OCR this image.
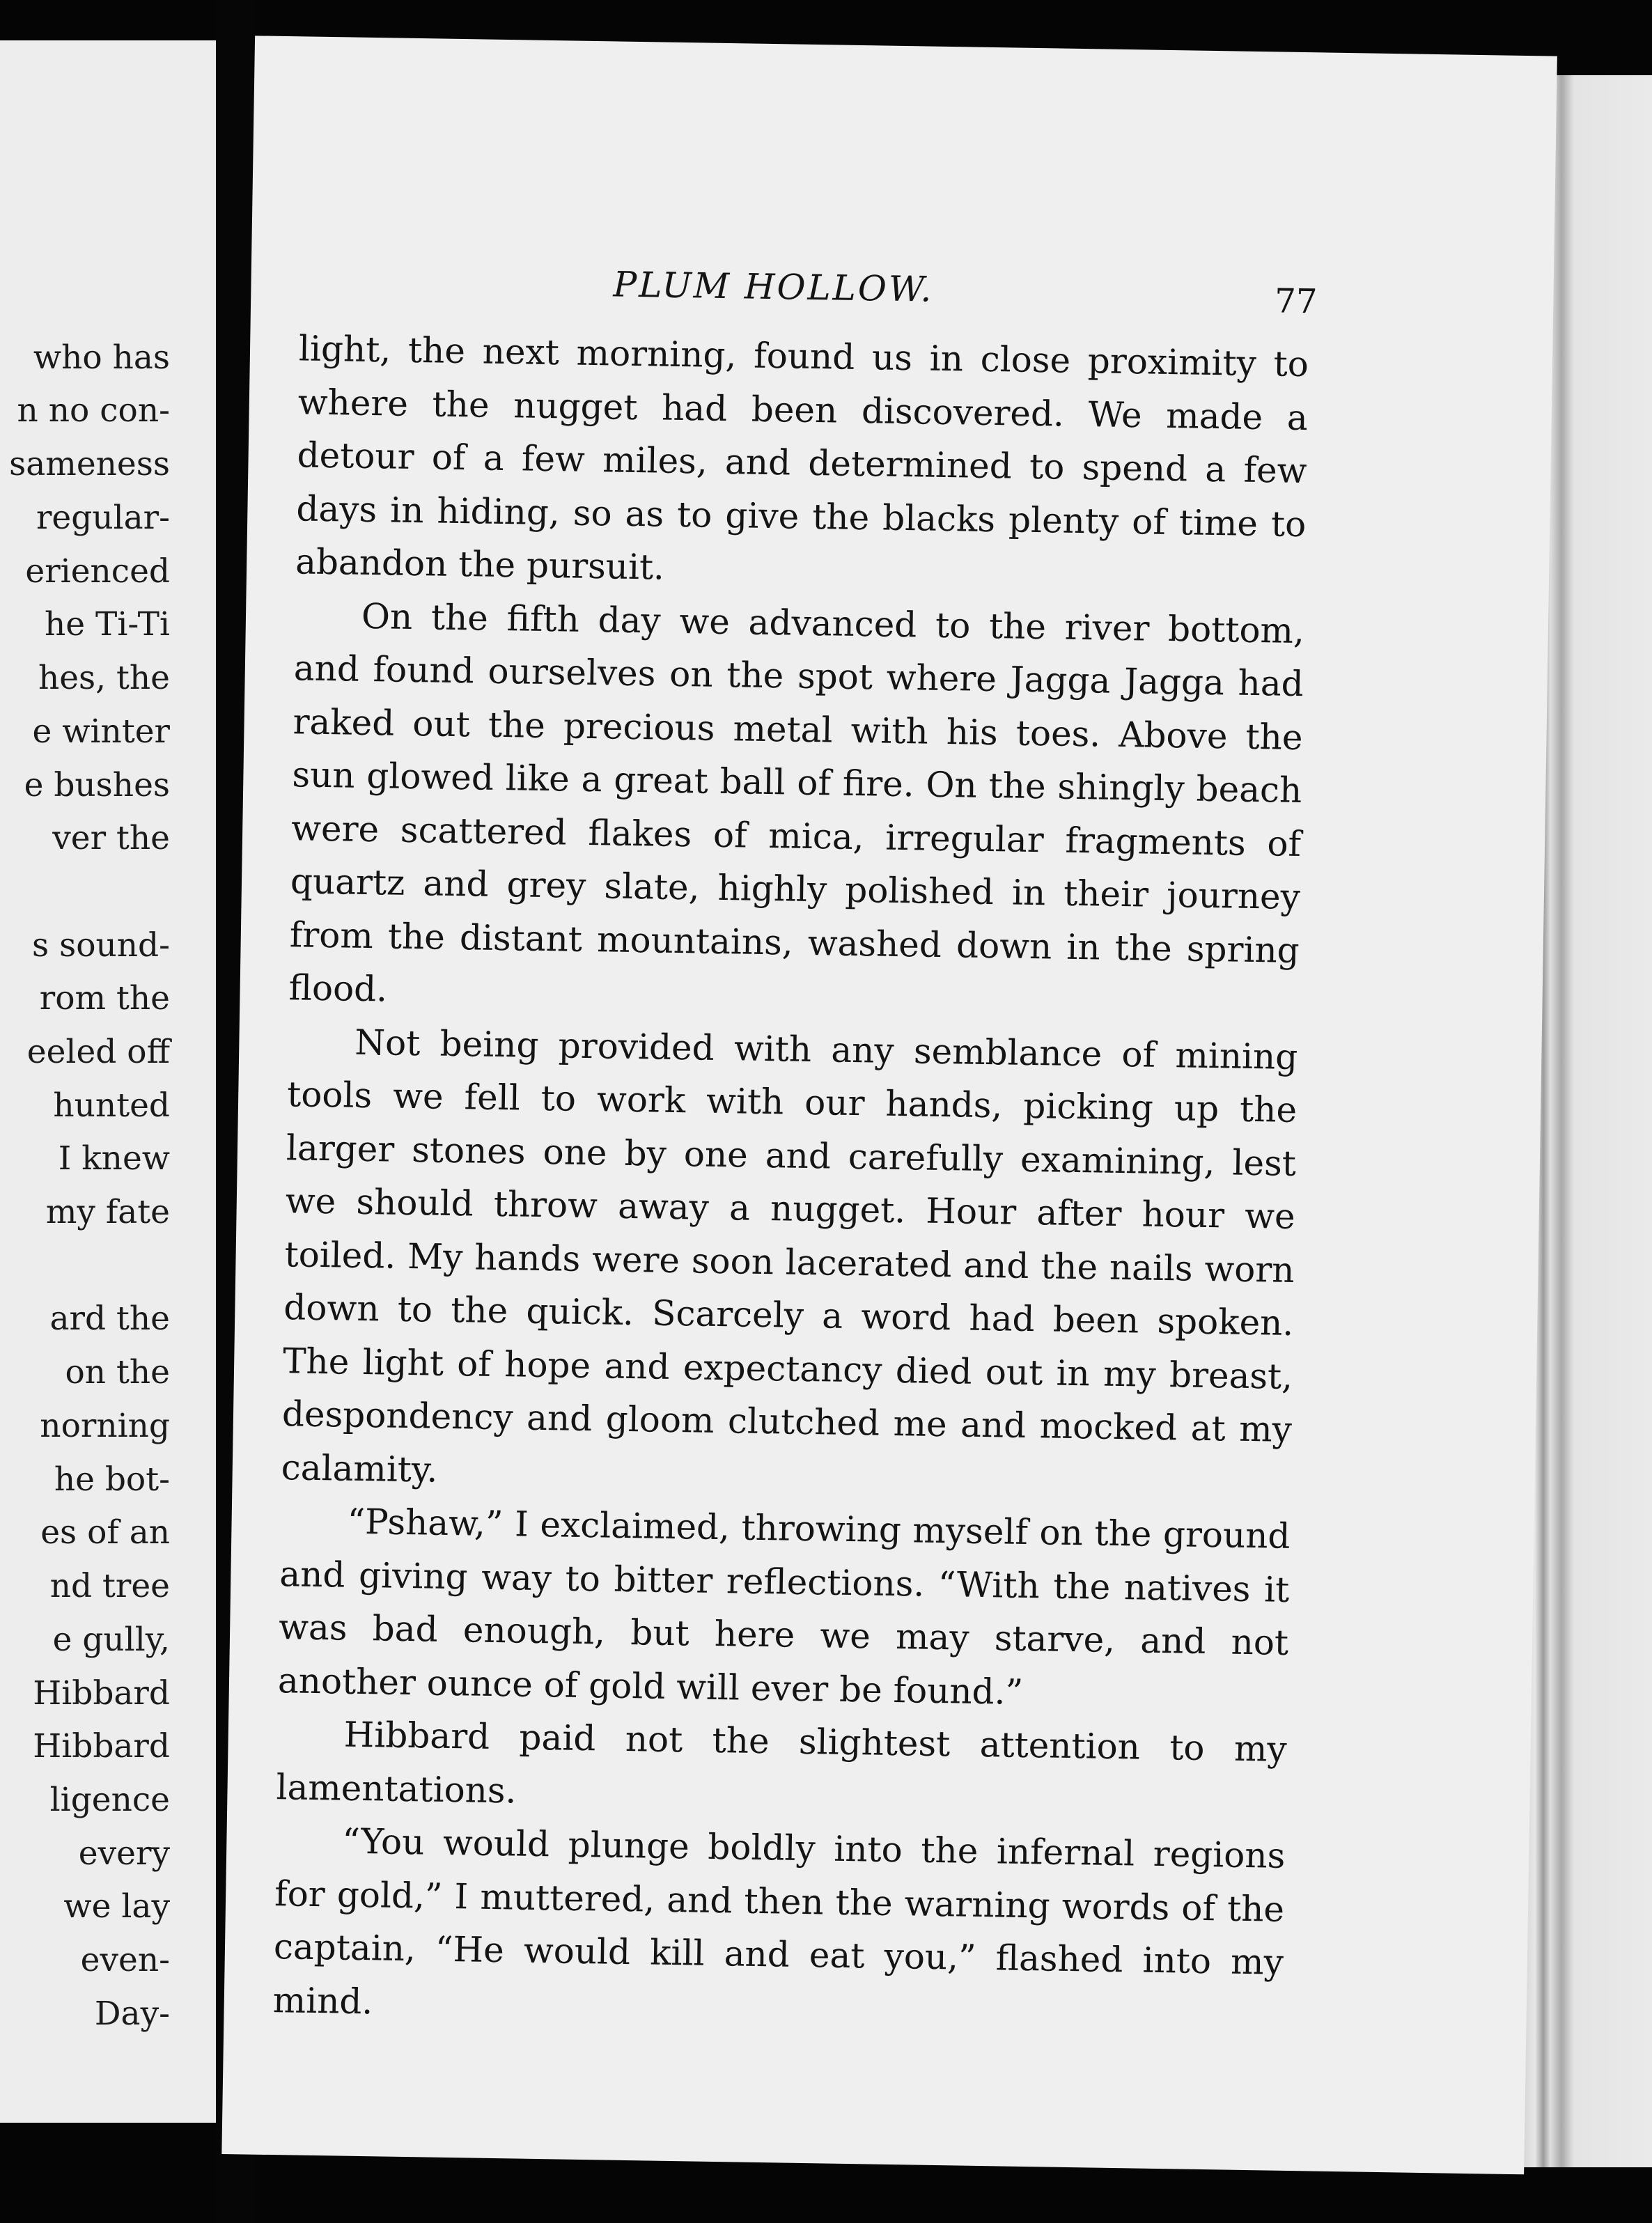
who has
n no con-
sameness
regular-
erienced
he Ti-Ti
hes, the
e winter
e bushes
ver the
s sound-
rom the
eeled off
hunted
I knew
my fate
ard the
on the
norning
he bot-
es of an
nd tree
e gully,
Hibbard
Hibbard
ligence
every
we lay
even-
Day-
PLUM HOLLOW.	77

light, the next morning, found us in close proximity to where the nugget had been discovered. We made a detour of a few miles, and determined to spend a few days in hiding, so as to give the blacks plenty of time to abandon the pursuit.

On the fifth day we advanced to the river bottom, and found ourselves on the spot where Jagga Jagga had raked out the precious metal with his toes. Above the sun glowed like a great ball of fire. On the shingly beach were scattered flakes of mica, irregular fragments of quartz and grey slate, highly polished in their journey from the distant mountains, washed down in the spring flood.

Not being provided with any semblance of mining tools we fell to work with our hands, picking up the larger stones one by one and carefully examining, lest we should throw away a nugget. Hour after hour we toiled. My hands were soon lacerated and the nails worn down to the quick. Scarcely a word had been spoken. The light of hope and expectancy died out in my breast, despondency and gloom clutched me and mocked at my calamity.

“Pshaw,” I exclaimed, throwing myself on the ground and giving way to bitter reflections. “With the natives it was bad enough, but here we may starve, and not another ounce of gold will ever be found.”

Hibbard paid not the slightest attention to my lamentations.

“You would plunge boldly into the infernal regions for gold,” I muttered, and then the warning words of the captain, “He would kill and eat you,” flashed into my mind.
